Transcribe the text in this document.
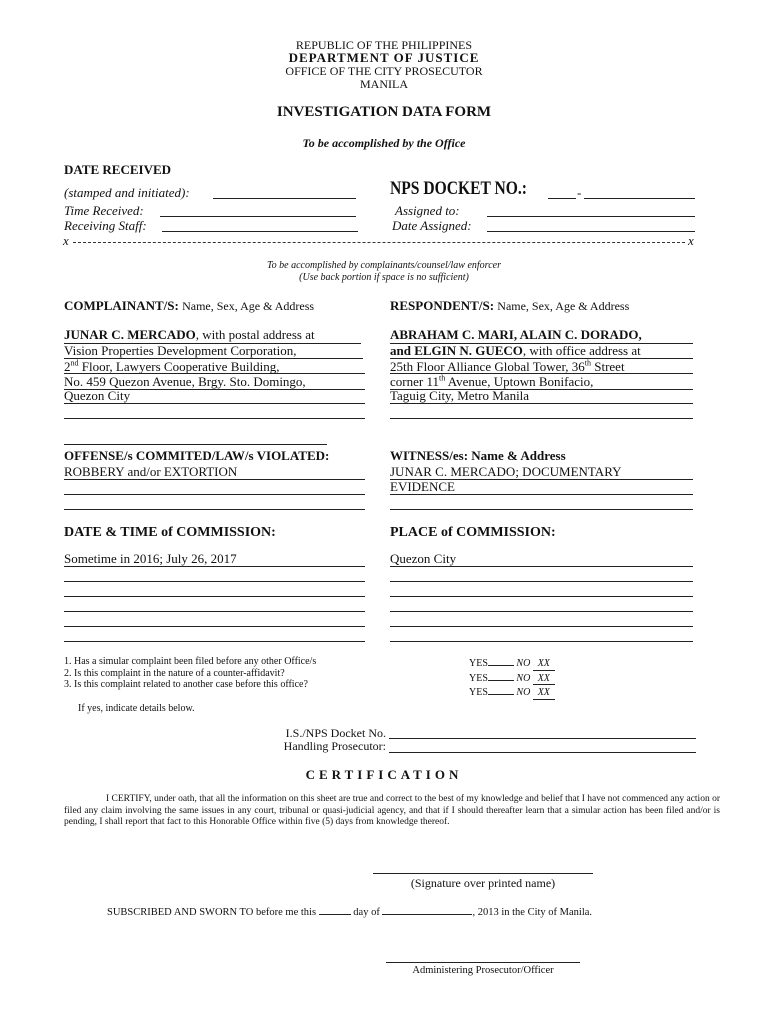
REPUBLIC OF THE PHILIPPINES
DEPARTMENT OF JUSTICE
OFFICE OF THE CITY PROSECUTOR
MANILA
INVESTIGATION DATA FORM
To be accomplished by the Office
DATE RECEIVED
(stamped and initiated):
Time Received:
Receiving Staff:
NPS DOCKET NO.:	-
Assigned to:
Date Assigned:
x	x
To be accomplished by complainants/counsel/law enforcer
(Use back portion if space is no sufficient)
COMPLAINANT/S: Name, Sex, Age & Address
JUNAR C. MERCADO, with postal address at
Vision Properties Development Corporation,
2nd Floor, Lawyers Cooperative Building,
No. 459 Quezon Avenue, Brgy. Sto. Domingo,
Quezon City
RESPONDENT/S: Name, Sex, Age & Address
ABRAHAM C. MARI, ALAIN C. DORADO,
and ELGIN N. GUECO, with office address at
25th Floor Alliance Global Tower, 36th Street
corner 11th Avenue, Uptown Bonifacio,
Taguig City, Metro Manila
OFFENSE/s COMMITED/LAW/s VIOLATED:
ROBBERY and/or EXTORTION
WITNESS/es: Name & Address
JUNAR C. MERCADO; DOCUMENTARY
EVIDENCE
DATE & TIME of COMMISSION:
Sometime in 2016; July 26, 2017
PLACE of COMMISSION:
Quezon City
1. Has a simular complaint been filed before any other Office/s
2. Is this complaint in the nature of a counter-affidavit?
3. Is this complaint related to another case before this office?
YES	NO XX
YES	NO XX
YES	NO XX
If yes, indicate details below.
I.S./NPS Docket No.
Handling Prosecutor:
CERTIFICATION
I CERTIFY, under oath, that all the information on this sheet are true and correct to the best of my knowledge and belief that I have not commenced any action or filed any claim involving the same issues in any court, tribunal or quasi-judicial agency, and that if I should thereafter learn that a simular action has been filed and/or is pending, I shall report that fact to this Honorable Office within five (5) days from knowledge thereof.
(Signature over printed name)
SUBSCRIBED AND SWORN TO before me this	day of	, 2013 in the City of Manila.
Administering Prosecutor/Officer
